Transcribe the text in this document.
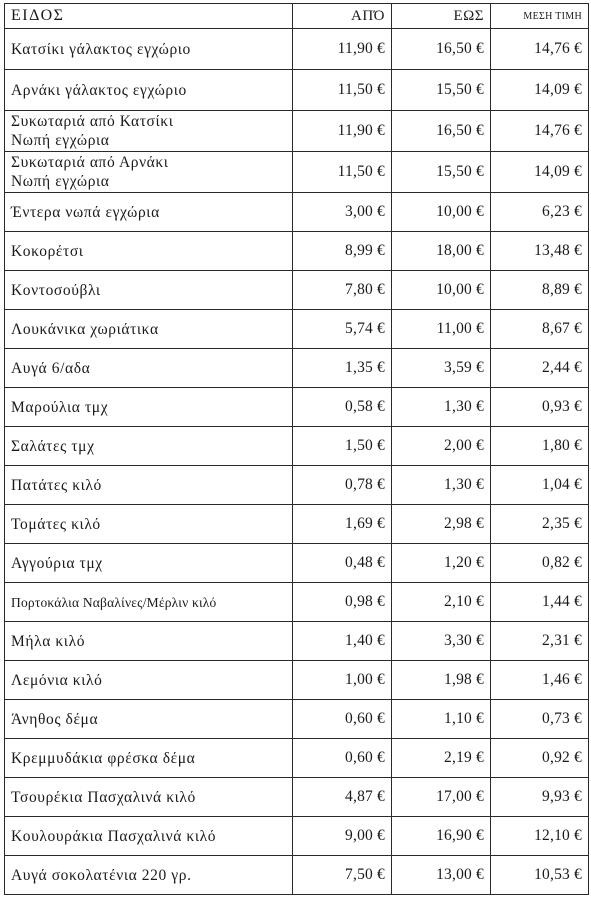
ΕΙΔΟΣ	ΑΠΌ	ΕΩΣ	ΜΕΣΗ ΤΙΜΗ
Κατσίκι γάλακτος εγχώριο	11,90 €	16,50 €	14,76 €
Αρνάκι γάλακτος εγχώριο	11,50 €	15,50 €	14,09 €
Συκωταριά από Κατσίκι
Νωπή εγχώρια	11,90 €	16,50 €	14,76 €
Συκωταριά από Αρνάκι
Νωπή εγχώρια	11,50 €	15,50 €	14,09 €
Έντερα νωπά εγχώρια	3,00 €	10,00 €	6,23 €
Κοκορέτσι	8,99 €	18,00 €	13,48 €
Κοντοσούβλι	7,80 €	10,00 €	8,89 €
Λουκάνικα χωριάτικα	5,74 €	11,00 €	8,67 €
Αυγά 6/αδα	1,35 €	3,59 €	2,44 €
Μαρούλια τμχ	0,58 €	1,30 €	0,93 €
Σαλάτες τμχ	1,50 €	2,00 €	1,80 €
Πατάτες κιλό	0,78 €	1,30 €	1,04 €
Τομάτες κιλό	1,69 €	2,98 €	2,35 €
Αγγούρια τμχ	0,48 €	1,20 €	0,82 €
Πορτοκάλια Ναβαλίνες/Μέρλιν κιλό	0,98 €	2,10 €	1,44 €
Μήλα κιλό	1,40 €	3,30 €	2,31 €
Λεμόνια κιλό	1,00 €	1,98 €	1,46 €
Άνηθος δέμα	0,60 €	1,10 €	0,73 €
Κρεμμυδάκια φρέσκα δέμα	0,60 €	2,19 €	0,92 €
Τσουρέκια Πασχαλινά κιλό	4,87 €	17,00 €	9,93 €
Κουλουράκια Πασχαλινά κιλό	9,00 €	16,90 €	12,10 €
Αυγά σοκολατένια 220 γρ.	7,50 €	13,00 €	10,53 €
